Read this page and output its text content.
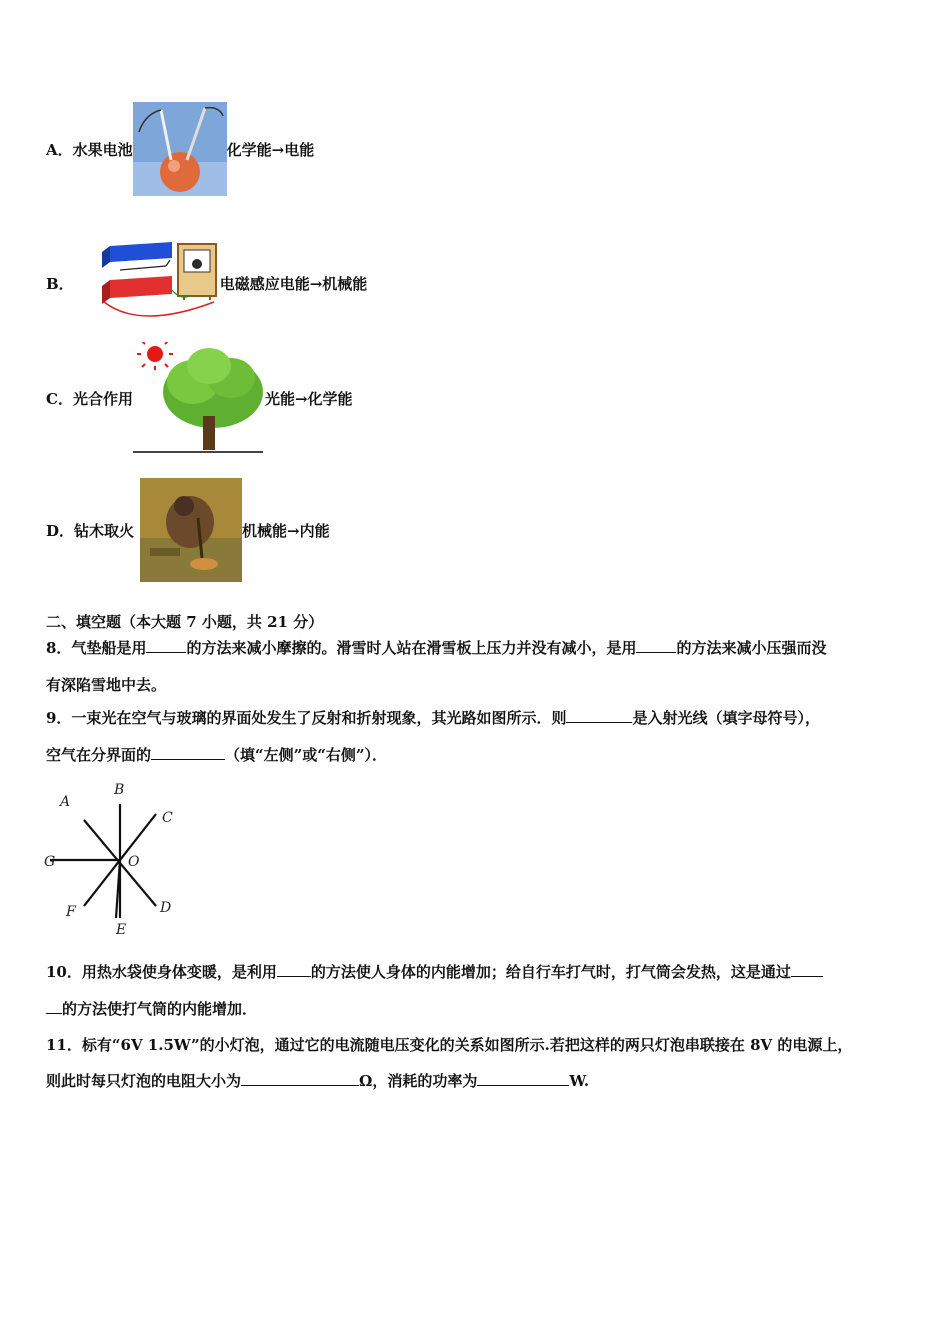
A．水果电池	化学能→电能
B．	电磁感应电能→机械能
C．光合作用	光能→化学能
D．钻木取火	机械能→内能
二、填空题（本大题 7 小题，共 21 分）
8．气垫船是用	的方法来减小摩擦的。滑雪时人站在滑雪板上压力并没有减小，是用	的方法来减小压强而没
有深陷雪地中去。
9．一束光在空气与玻璃的界面处发生了反射和折射现象，其光路如图所示．则	是入射光线（填字母符号），
空气在分界面的	（填“左侧”或“右侧”）．
A
B
C
G	O
F
E
D
10．用热水袋使身体变暖，是利用 的方法使人身体的内能增加；给自行车打气时，打气筒会发热，这是通过
的方法使打气筒的内能增加．
11．标有“6V 1.5W”的小灯泡，通过它的电流随电压变化的关系如图所示.若把这样的两只灯泡串联接在 8V 的电源上，
则此时每只灯泡的电阻大小为	Ω，消耗的功率为	W.
